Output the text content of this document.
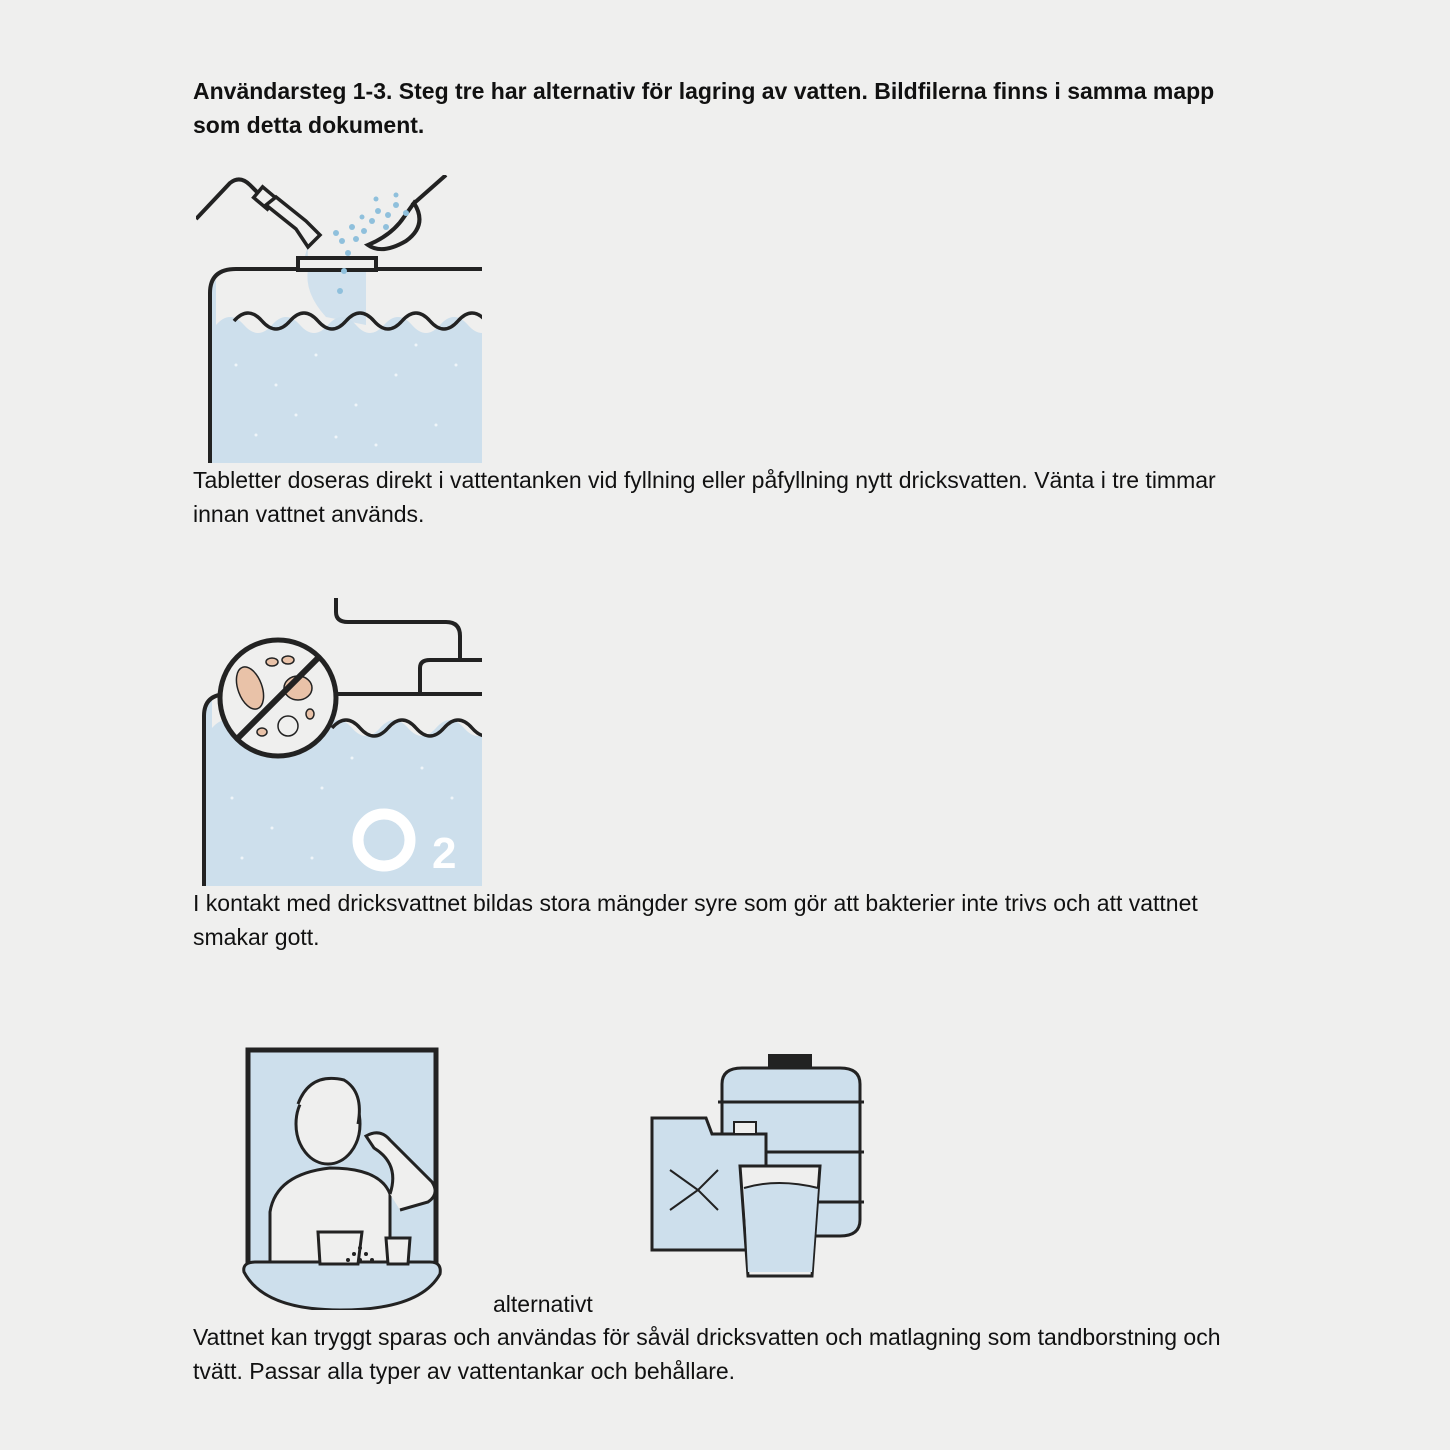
Användarsteg 1-3. Steg tre har alternativ för lagring av vatten. Bildfilerna finns i samma mapp som detta dokument.

Tabletter doseras direkt i vattentanken vid fyllning eller påfyllning nytt dricksvatten. Vänta i tre timmar innan vattnet används.

2

I kontakt med dricksvattnet bildas stora mängder syre som gör att bakterier inte trivs och att vattnet smakar gott.

alternativt

Vattnet kan tryggt sparas och användas för såväl dricksvatten och matlagning som tandborstning och tvätt. Passar alla typer av vattentankar och behållare.
